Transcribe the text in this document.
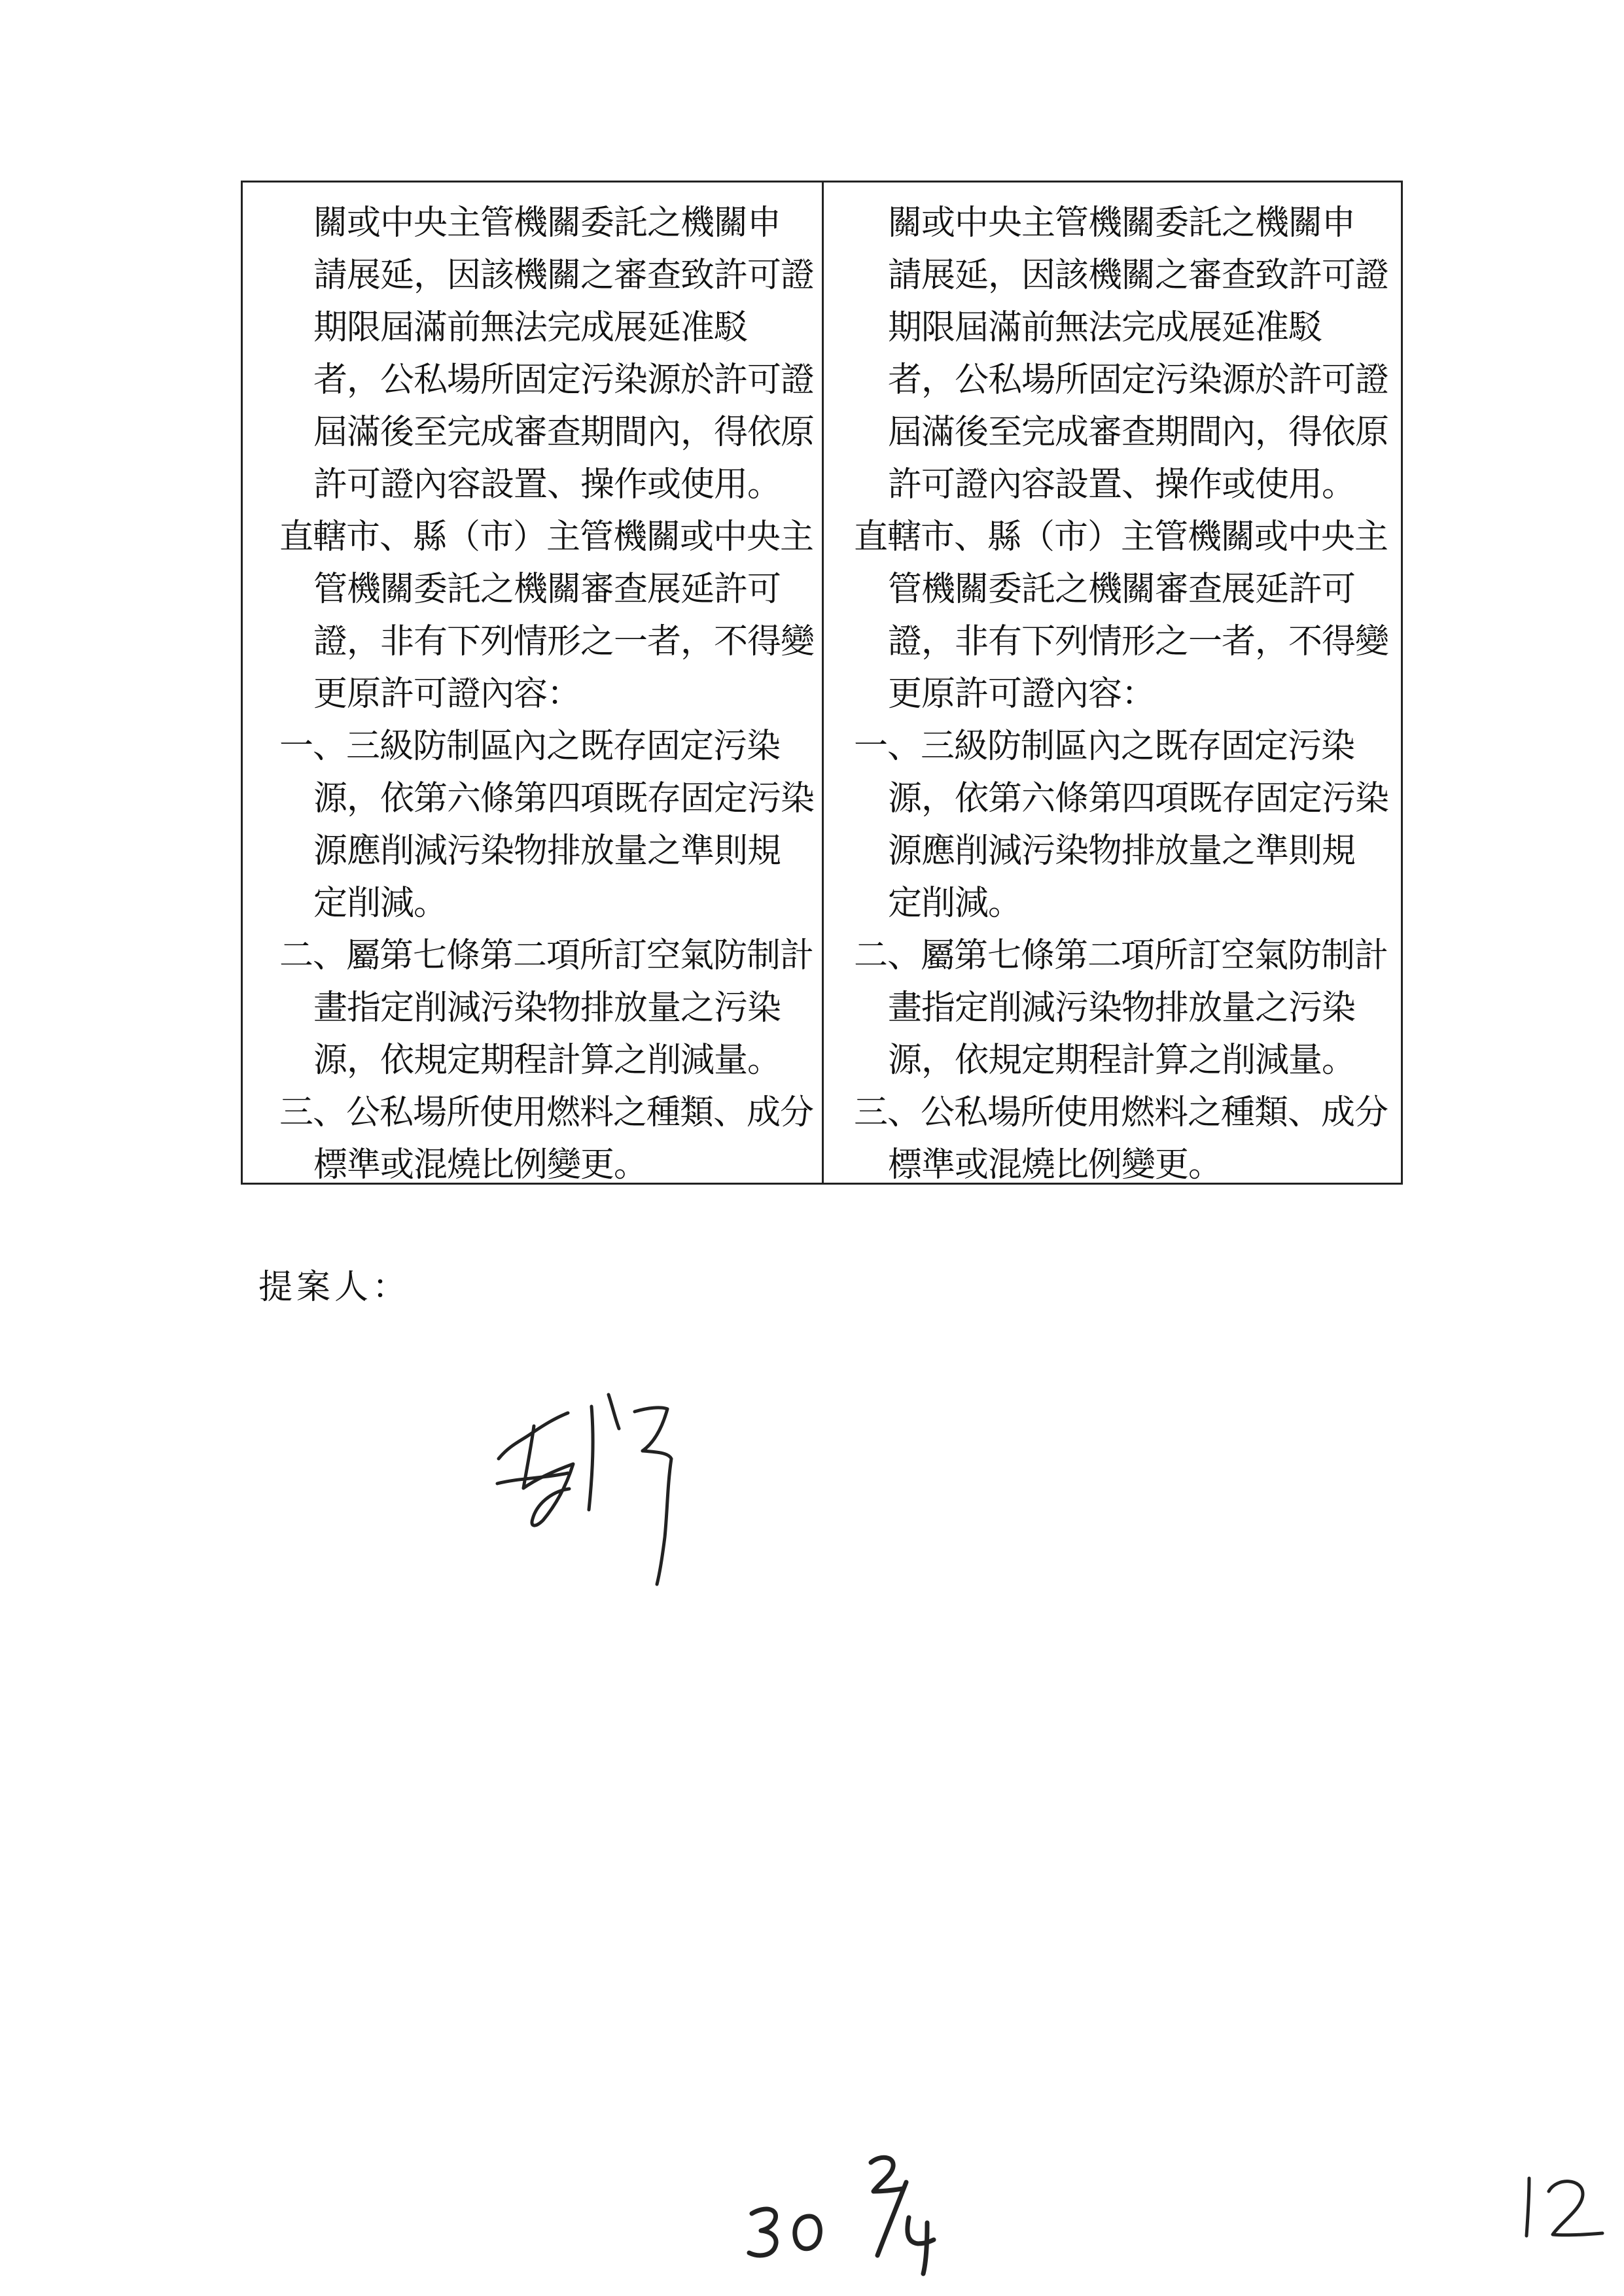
關或中央主管機關委託之機關申
請展延，因該機關之審查致許可證
期限屆滿前無法完成展延准駁
者，公私場所固定污染源於許可證
屆滿後至完成審查期間內，得依原
許可證內容設置、操作或使用。
直轄市、縣（市）主管機關或中央主
管機關委託之機關審查展延許可
證，非有下列情形之一者，不得變
更原許可證內容：
一、三級防制區內之既存固定污染
源，依第六條第四項既存固定污染
源應削減污染物排放量之準則規
定削減。
二、屬第七條第二項所訂空氣防制計
畫指定削減污染物排放量之污染
源，依規定期程計算之削減量。
三、公私場所使用燃料之種類、成分
標準或混燒比例變更。
關或中央主管機關委託之機關申
請展延，因該機關之審查致許可證
期限屆滿前無法完成展延准駁
者，公私場所固定污染源於許可證
屆滿後至完成審查期間內，得依原
許可證內容設置、操作或使用。
直轄市、縣（市）主管機關或中央主
管機關委託之機關審查展延許可
證，非有下列情形之一者，不得變
更原許可證內容：
一、三級防制區內之既存固定污染
源，依第六條第四項既存固定污染
源應削減污染物排放量之準則規
定削減。
二、屬第七條第二項所訂空氣防制計
畫指定削減污染物排放量之污染
源，依規定期程計算之削減量。
三、公私場所使用燃料之種類、成分
標準或混燒比例變更。
提案人：
